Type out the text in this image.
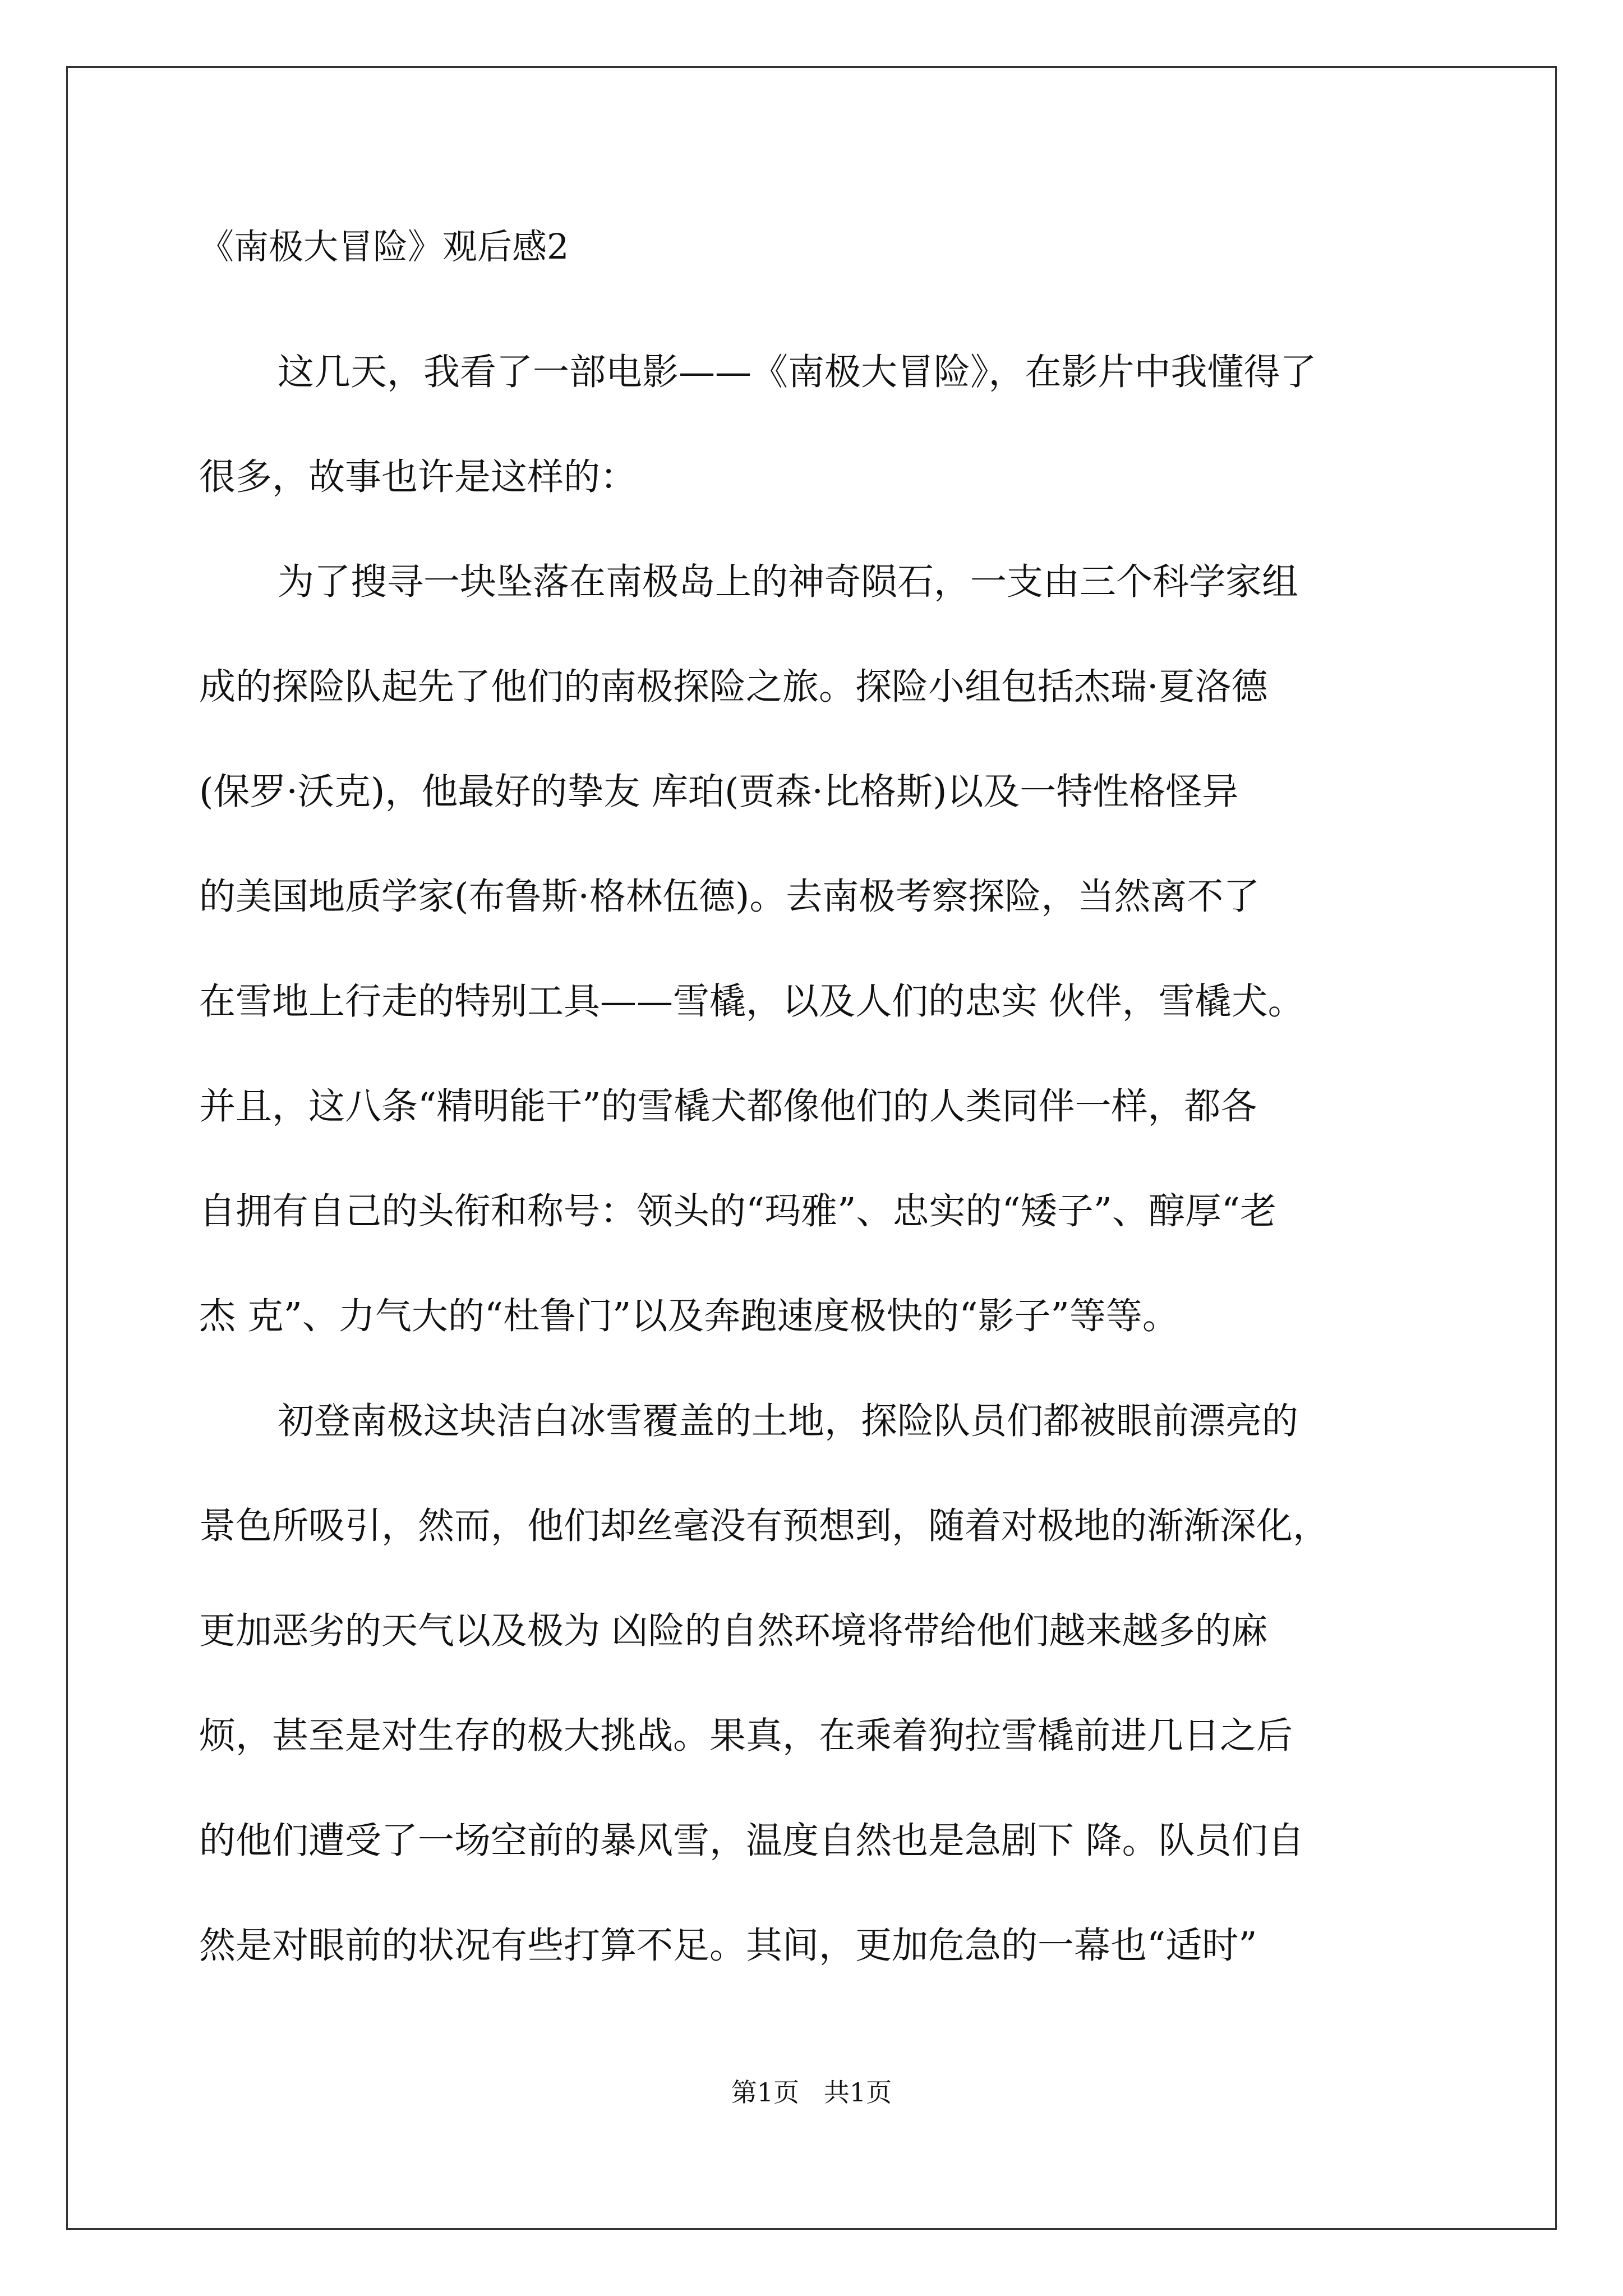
《南极大冒险》观后感2

这几天，我看了一部电影——《南极大冒险》，在影片中我懂得了

很多，故事也许是这样的：

为了搜寻一块坠落在南极岛上的神奇陨石，一支由三个科学家组

成的探险队起先了他们的南极探险之旅。探险小组包括杰瑞·夏洛德

(保罗·沃克)，他最好的挚友 库珀(贾森·比格斯)以及一特性格怪异

的美国地质学家(布鲁斯·格林伍德)。去南极考察探险，当然离不了

在雪地上行走的特别工具——雪橇，以及人们的忠实 伙伴，雪橇犬。

并且，这八条“精明能干”的雪橇犬都像他们的人类同伴一样，都各

自拥有自己的头衔和称号：领头的“玛雅”、忠实的“矮子”、醇厚“老

杰 克”、力气大的“杜鲁门”以及奔跑速度极快的“影子”等等。

初登南极这块洁白冰雪覆盖的土地，探险队员们都被眼前漂亮的

景色所吸引，然而，他们却丝毫没有预想到，随着对极地的渐渐深化，

更加恶劣的天气以及极为 凶险的自然环境将带给他们越来越多的麻

烦，甚至是对生存的极大挑战。果真，在乘着狗拉雪橇前进几日之后

的他们遭受了一场空前的暴风雪，温度自然也是急剧下 降。队员们自

然是对眼前的状况有些打算不足。其间，更加危急的一幕也“适时”

第1页   共1页
